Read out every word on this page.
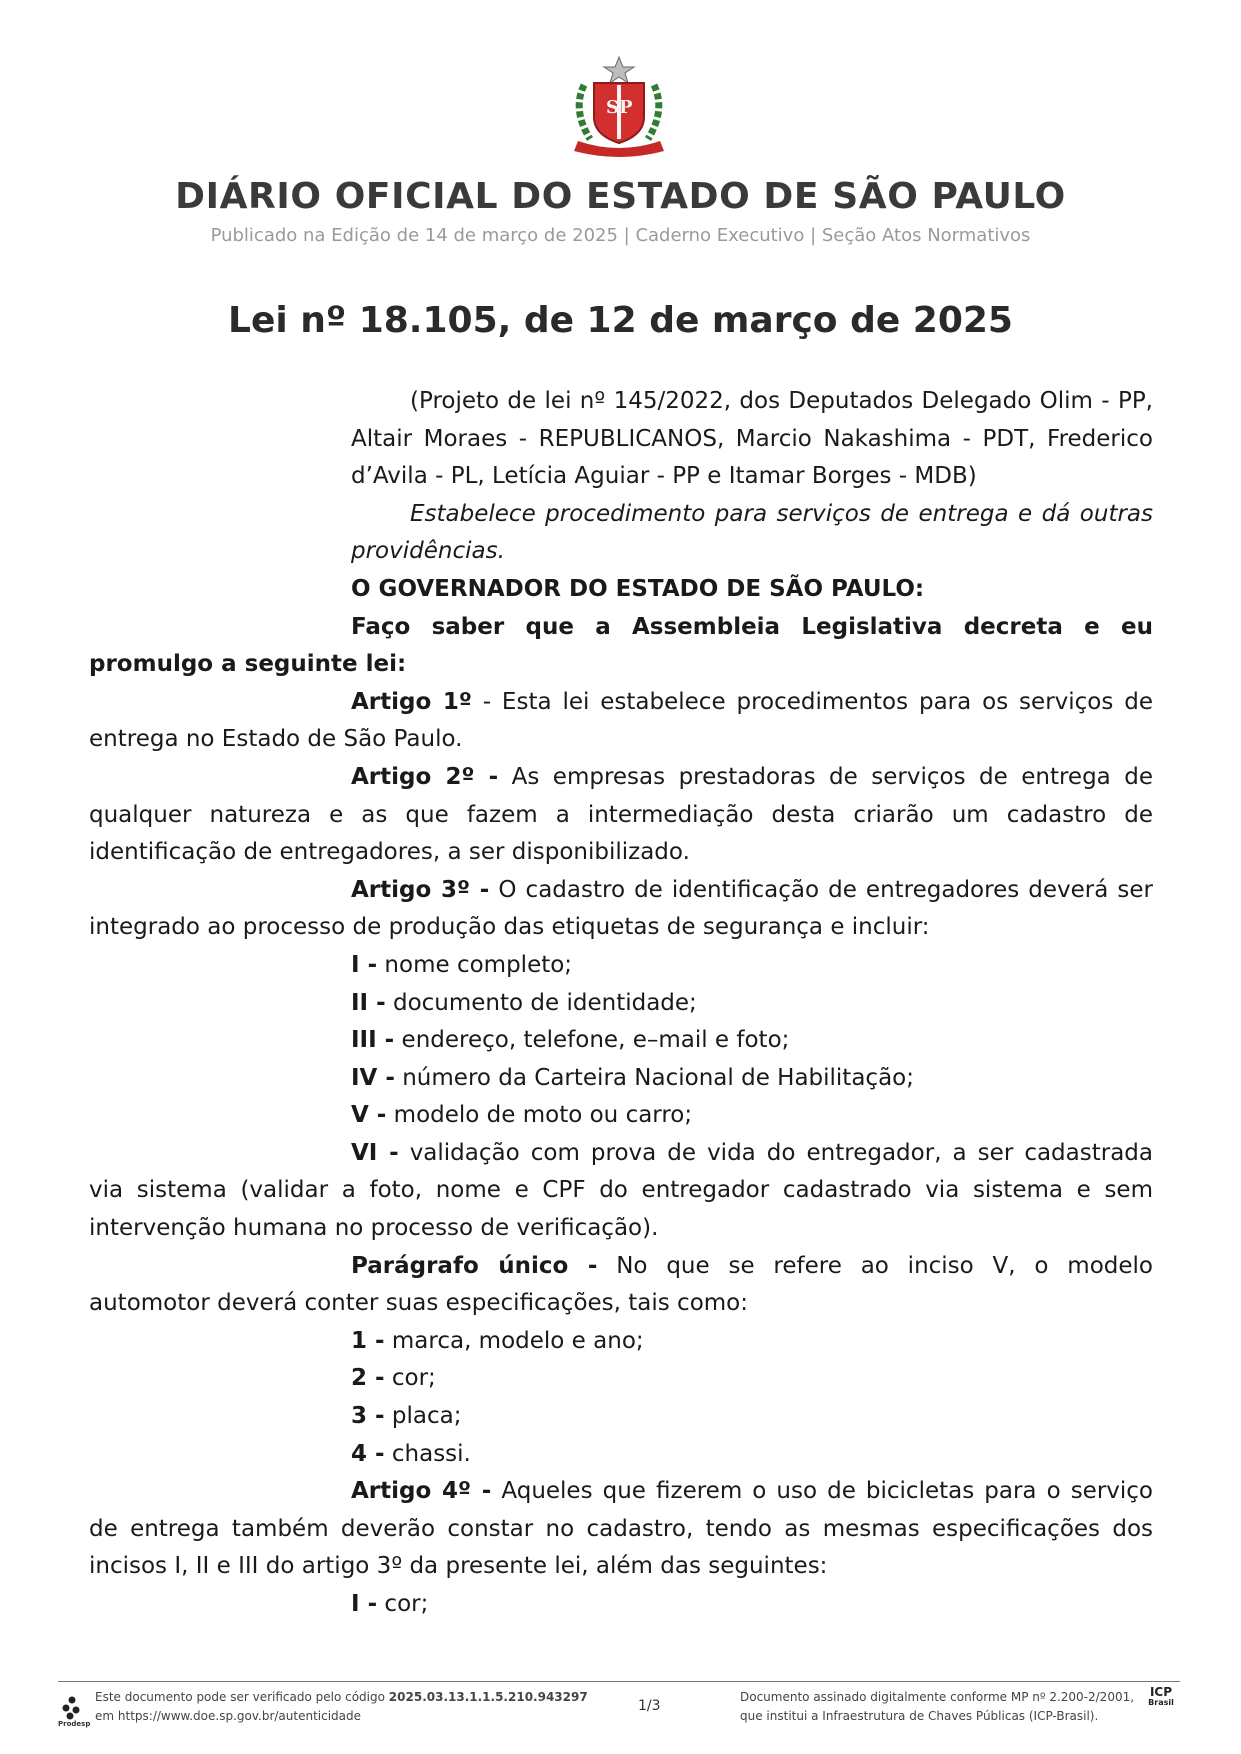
SP
DIÁRIO OFICIAL DO ESTADO DE SÃO PAULO

Publicado na Edição de 14 de março de 2025 | Caderno Executivo | Seção Atos Normativos

Lei nº 18.105, de 12 de março de 2025

(Projeto de lei nº 145/2022, dos Deputados Delegado Olim - PP, Altair Moraes - REPUBLICANOS, Marcio Nakashima - PDT, Frederico d’Avila - PL, Letícia Aguiar - PP e Itamar Borges - MDB)

Estabelece procedimento para serviços de entrega e dá outras providências.

O GOVERNADOR DO ESTADO DE SÃO PAULO:

Faço saber que a Assembleia Legislativa decreta e eu promulgo a seguinte lei:

Artigo 1º - Esta lei estabelece procedimentos para os serviços de entrega no Estado de São Paulo.

Artigo 2º - As empresas prestadoras de serviços de entrega de qualquer natureza e as que fazem a intermediação desta criarão um cadastro de identificação de entregadores, a ser disponibilizado.

Artigo 3º - O cadastro de identificação de entregadores deverá ser integrado ao processo de produção das etiquetas de segurança e incluir:

I - nome completo;

II - documento de identidade;

III - endereço, telefone, e–mail e foto;

IV - número da Carteira Nacional de Habilitação;

V - modelo de moto ou carro;

VI - validação com prova de vida do entregador, a ser cadastrada via sistema (validar a foto, nome e CPF do entregador cadastrado via sistema e sem intervenção humana no processo de verificação).

Parágrafo único - No que se refere ao inciso V, o modelo automotor deverá conter suas especificações, tais como:

1 - marca, modelo e ano;

2 - cor;

3 - placa;

4 - chassi.

Artigo 4º - Aqueles que fizerem o uso de bicicletas para o serviço de entrega também deverão constar no cadastro, tendo as mesmas especificações dos incisos I, II e III do artigo 3º da presente lei, além das seguintes:

I - cor;

Prodesp
Este documento pode ser verificado pelo código 2025.03.13.1.1.5.210.943297
em https://www.doe.sp.gov.br/autenticidade
1/3
Documento assinado digitalmente conforme MP nº 2.200-2/2001,
que institui a Infraestrutura de Chaves Públicas (ICP-Brasil).
ICP
Brasil
